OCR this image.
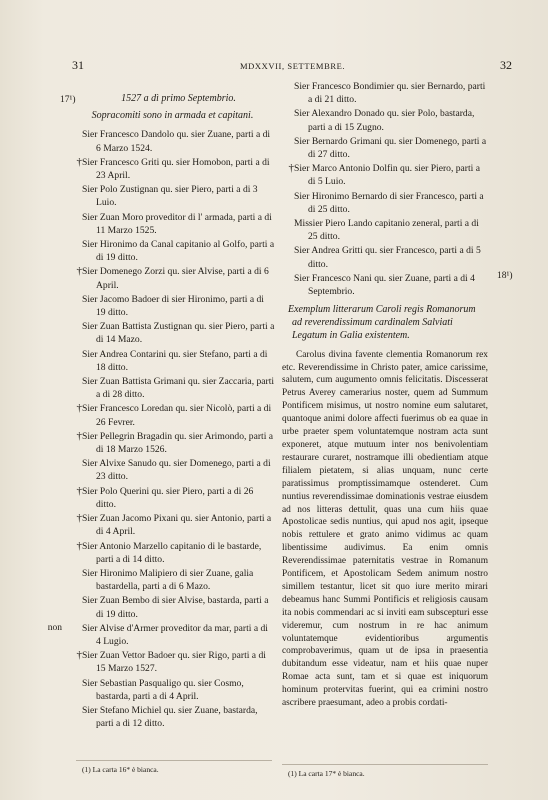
31	MDXXVII, SETTEMBRE.	32
17¹)
18¹)
1527 a dì primo Septembrio.
Sopracomiti sono in armada et capitani.
Sier Francesco Dandolo qu. sier Zuane, parti a di 6 Marzo 1524.
† Sier Francesco Griti qu. sier Homobon, parti a di 23 April.
Sier Polo Zustignan qu. sier Piero, parti a di 3 Luio.
Sier Zuan Moro proveditor di l' armada, parti a di 11 Marzo 1525.
Sier Hironimo da Canal capitanio al Golfo, parti a di 19 ditto.
† Sier Domenego Zorzi qu. sier Alvise, parti a di 6 April.
Sier Jacomo Badoer di sier Hironimo, parti a di 19 ditto.
Sier Zuan Battista Zustignan qu. sier Piero, parti a di 14 Mazo.
Sier Andrea Contarini qu. sier Stefano, parti a di 18 ditto.
Sier Zuan Battista Grimani qu. sier Zaccaria, parti a di 28 ditto.
† Sier Francesco Loredan qu. sier Nicolò, parti a di 26 Fevrer.
† Sier Pellegrin Bragadin qu. sier Arimondo, parti a di 18 Marzo 1526.
Sier Alvixe Sanudo qu. sier Domenego, parti a di 23 ditto.
† Sier Polo Querini qu. sier Piero, parti a di 26 ditto.
† Sier Zuan Jacomo Pixani qu. sier Antonio, parti a di 4 April.
† Sier Antonio Marzello capitanio di le bastarde, parti a di 14 ditto.
Sier Hironimo Malipiero di sier Zuane, galia bastardella, parti a di 6 Mazo.
Sier Zuan Bembo di sier Alvise, bastarda, parti a di 19 ditto.
non Sier Alvise d'Armer proveditor da mar, parti a di 4 Lugio.
† Sier Zuan Vettor Badoer qu. sier Rigo, parti a di 15 Marzo 1527.
Sier Sebastian Pasqualigo qu. sier Cosmo, bastarda, parti a di 4 April.
Sier Stefano Michiel qu. sier Zuane, bastarda, parti a di 12 ditto.
Sier Francesco Bondimier qu. sier Bernardo, parti a di 21 ditto.
Sier Alexandro Donado qu. sier Polo, bastarda, parti a di 15 Zugno.
Sier Bernardo Grimani qu. sier Domenego, parti a di 27 ditto.
† Sier Marco Antonio Dolfin qu. sier Piero, parti a di 5 Luio.
Sier Hironimo Bernardo di sier Francesco, parti a di 25 ditto.
Missier Piero Lando capitanio zeneral, parti a di 25 ditto.
Sier Andrea Gritti qu. sier Francesco, parti a di 5 ditto.
Sier Francesco Nani qu. sier Zuane, parti a di 4 Septembrio.
Exemplum litterarum Caroli regis Romanorum ad reverendissimum cardinalem Salviati Legatum in Galia existentem.
Carolus divina favente clementia Romanorum rex etc. Reverendissime in Christo pater, amice carissime, salutem, cum augumento omnis felicitatis. Discesserat Petrus Averey camerarius noster, quem ad Summum Pontificem misimus, ut nostro nomine eum salutaret, quantoque animi dolore affecti fuerimus ob ea quae in urbe praeter spem voluntatemque nostram acta sunt exponeret, atque mutuum inter nos benivolentiam restaurare curaret, nostramque illi obedientiam atque filialem pietatem, si alias unquam, nunc certe paratissimus promptissimamque ostenderet. Cum nuntius reverendissimae dominationis vestrae eiusdem ad nos litteras dettulit, quas una cum hiis quae Apostolicae sedis nuntius, qui apud nos agit, ipseque nobis rettulere et grato animo vidimus ac quam libentissime audivimus. Ea enim omnis Reverendissimae paternitatis vestrae in Romanum Pontificem, et Apostolicam Sedem animum nostro simillem testantur, licet sit quo iure merito mirari debeamus hanc Summi Pontificis et religiosis causam ita nobis commendari ac si inviti eam subscepturi esse videremur, cum nostrum in re hac animum voluntatemque evidentioribus argumentis comprobaverimus, quam ut de ipsa in praesentia dubitandum esse videatur, nam et hiis quae nuper Romae acta sunt, tam et si quae est iniquorum hominum protervitas fuerint, qui ea crimini nostro ascribere praesumant, adeo a probis cordati-
(1) La carta 16* è bianca.	(1) La carta 17* è bianca.
